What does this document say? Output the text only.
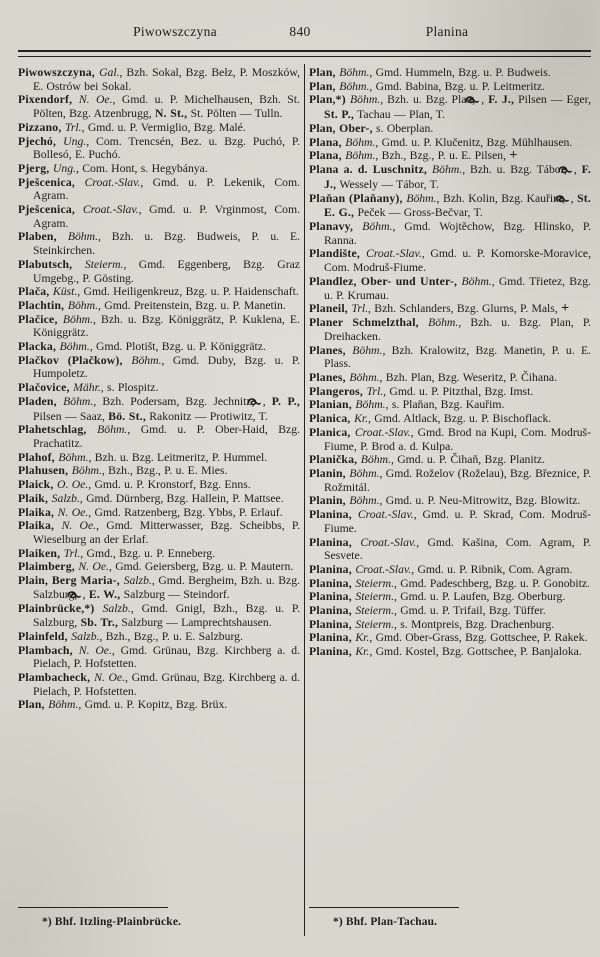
Piwowszczyna	840	Planina

Piwowszczyna, Gal., Bzh. Sokal, Bzg. Bełz, P. Moszków, E. Ostrów bei Sokal.

Pixendorf, N. Oe., Gmd. u. P. Michelhausen, Bzh. St. Pölten, Bzg. Atzenbrugg, N. St., St. Pölten — Tulln.

Pizzano, Trl., Gmd. u. P. Vermiglio, Bzg. Malé.

Pjechó, Ung., Com. Trencsén, Bez. u. Bzg. Puchó, P. Bollesó, E. Puchó.

Pjerg, Ung., Com. Hont, s. Hegybánya.

Pješcenica, Croat.-Slav., Gmd. u. P. Lekenik, Com. Agram.

Pješcenica, Croat.-Slav., Gmd. u. P. Vrginmost, Com. Agram.

Plaben, Böhm., Bzh. u. Bzg. Budweis, P. u. E. Steinkirchen.

Plabutsch, Steierm., Gmd. Eggenberg, Bzg. Graz Umgebg., P. Gösting.

Plača, Küst., Gmd. Heiligenkreuz, Bzg. u. P. Haidenschaft.

Plachtin, Böhm., Gmd. Preitenstein, Bzg. u. P. Manetin.

Plačice, Böhm., Bzh. u. Bzg. Königgrätz, P. Kuklena, E. Königgrätz.

Placka, Böhm., Gmd. Plotišt, Bzg. u. P. Königgrätz.

Plačkov (Plačkow), Böhm., Gmd. Duby, Bzg. u. P. Humpoletz.

Plačovice, Mähr., s. Plospitz.

Pladen, Böhm., Bzh. Podersam, Bzg. Jechnitz, , P. P., Pilsen — Saaz, Bö. St., Rakonitz — Protiwitz, T.

Plahetschlag, Böhm., Gmd. u. P. Ober-Haid, Bzg. Prachatitz.

Plahof, Böhm., Bzh. u. Bzg. Leitmeritz, P. Hummel.

Plahusen, Böhm., Bzh., Bzg., P. u. E. Mies.

Plaick, O. Oe., Gmd. u. P. Kronstorf, Bzg. Enns.

Plaik, Salzb., Gmd. Dürnberg, Bzg. Hallein, P. Mattsee.

Plaika, N. Oe., Gmd. Ratzenberg, Bzg. Ybbs, P. Erlauf.

Plaika, N. Oe., Gmd. Mitterwasser, Bzg. Scheibbs, P. Wieselburg an der Erlaf.

Plaiken, Trl., Gmd., Bzg. u. P. Enneberg.

Plaimberg, N. Oe., Gmd. Geiersberg, Bzg. u. P. Mautern.

Plain, Berg Maria-, Salzb., Gmd. Bergheim, Bzh. u. Bzg. Salzburg, , E. W., Salzburg — Steindorf.

Plainbrücke,*) Salzb., Gmd. Gnigl, Bzh., Bzg. u. P. Salzburg, Sb. Tr., Salzburg — Lamprechtshausen.

Plainfeld, Salzb., Bzh., Bzg., P. u. E. Salzburg.

Plambach, N. Oe., Gmd. Grünau, Bzg. Kirchberg a. d. Pielach, P. Hofstetten.

Plambacheck, N. Oe., Gmd. Grünau, Bzg. Kirchberg a. d. Pielach, P. Hofstetten.

Plan, Böhm., Gmd. u. P. Kopitz, Bzg. Brüx.

*) Bhf. Itzling-Plainbrücke.

Plan, Böhm., Gmd. Hummeln, Bzg. u. P. Budweis.

Plan, Böhm., Gmd. Babina, Bzg. u. P. Leitmeritz.

Plan,*) Böhm., Bzh. u. Bzg. Plan, , F. J., Pilsen — Eger, St. P., Tachau — Plan, T.

Plan, Ober-, s. Oberplan.

Plana, Böhm., Gmd. u. P. Klučenitz, Bzg. Mühlhausen.

Plana, Böhm., Bzh., Bzg., P. u. E. Pilsen, +

Plana a. d. Luschnitz, Böhm., Bzh. u. Bzg. Tábor, , F. J., Wessely — Tábor, T.

Plaňan (Plaňany), Böhm., Bzh. Kolin, Bzg. Kauřim, , St. E. G., Peček — Gross-Bečvar, T.

Planavy, Böhm., Gmd. Wojtěchow, Bzg. Hlinsko, P. Ranna.

Plandište, Croat.-Slav., Gmd. u. P. Komorske-Moravice, Com. Modruš-Fiume.

Plandlez, Ober- und Unter-, Böhm., Gmd. Třietez, Bzg. u. P. Krumau.

Planeil, Trl., Bzh. Schlanders, Bzg. Glurns, P. Mals, +

Planer Schmelzthal, Böhm., Bzh. u. Bzg. Plan, P. Dreihacken.

Planes, Böhm., Bzh. Kralowitz, Bzg. Manetin, P. u. E. Plass.

Planes, Böhm., Bzh. Plan, Bzg. Weseritz, P. Čihana.

Plangeros, Trl., Gmd. u. P. Pitzthal, Bzg. Imst.

Planian, Böhm., s. Plaňan, Bzg. Kauřim.

Planica, Kr., Gmd. Altlack, Bzg. u. P. Bischoflack.

Planica, Croat.-Slav., Gmd. Brod na Kupi, Com. Modruš-Fiume, P. Brod a. d. Kulpa.

Planička, Böhm., Gmd. u. P. Čihaň, Bzg. Planitz.

Planin, Böhm., Gmd. Roželov (Roželau), Bzg. Březnice, P. Rožmitál.

Planin, Böhm., Gmd. u. P. Neu-Mitrowitz, Bzg. Blowitz.

Planina, Croat.-Slav., Gmd. u. P. Skrad, Com. Modruš-Fiume.

Planina, Croat.-Slav., Gmd. Kašina, Com. Agram, P. Sesvete.

Planina, Croat.-Slav., Gmd. u. P. Ribnik, Com. Agram.

Planina, Steierm., Gmd. Padeschberg, Bzg. u. P. Gonobitz.

Planina, Steierm., Gmd. u. P. Laufen, Bzg. Oberburg.

Planina, Steierm., Gmd. u. P. Trifail, Bzg. Tüffer.

Planina, Steierm., s. Montpreis, Bzg. Drachenburg.

Planina, Kr., Gmd. Ober-Grass, Bzg. Gottschee, P. Rakek.

Planina, Kr., Gmd. Kostel, Bzg. Gottschee, P. Banjaloka.

*) Bhf. Plan-Tachau.
